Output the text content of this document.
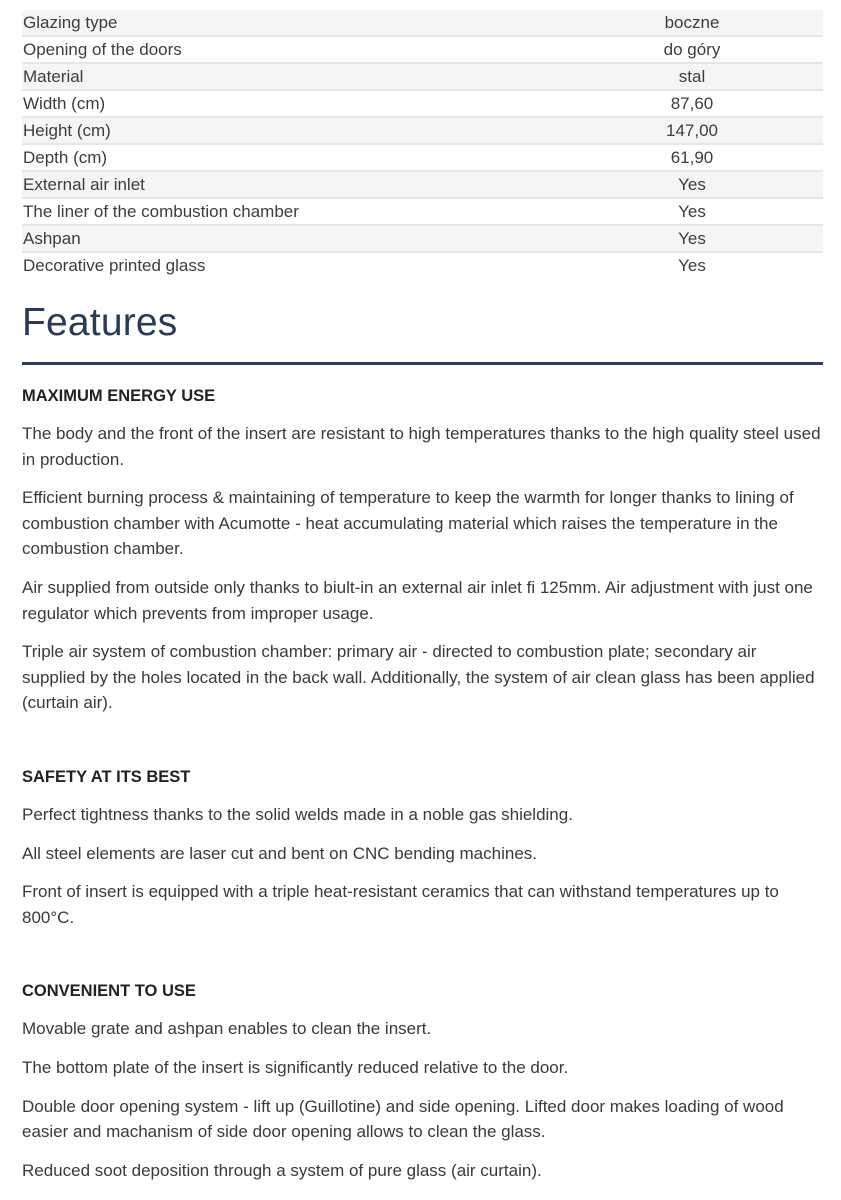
Glazing type	boczne
Opening of the doors	do góry
Material	stal
Width (cm)	87,60
Height (cm)	147,00
Depth (cm)	61,90
External air inlet	Yes
The liner of the combustion chamber	Yes
Ashpan	Yes
Decorative printed glass	Yes
Features
MAXIMUM ENERGY USE

The body and the front of the insert are resistant to high temperatures thanks to the high quality steel used in production.

Efficient burning process & maintaining of temperature to keep the warmth for longer thanks to lining of combustion chamber with Acumotte - heat accumulating material which raises the temperature in the combustion chamber.

Air supplied from outside only thanks to biult-in an external air inlet fi 125mm. Air adjustment with just one regulator which prevents from improper usage.

Triple air system of combustion chamber: primary air - directed to combustion plate; secondary air supplied by the holes located in the back wall. Additionally, the system of air clean glass has been applied (curtain air).

SAFETY AT ITS BEST

Perfect tightness thanks to the solid welds made in a noble gas shielding.

All steel elements are laser cut and bent on CNC bending machines.

Front of insert is equipped with a triple heat-resistant ceramics that can withstand temperatures up to 800°C.

CONVENIENT TO USE

Movable grate and ashpan enables to clean the insert.

The bottom plate of the insert is significantly reduced relative to the door.

Double door opening system - lift up (Guillotine) and side opening. Lifted door makes loading of wood easier and machanism of side door opening allows to clean the glass.

Reduced soot deposition through a system of pure glass (air curtain).
